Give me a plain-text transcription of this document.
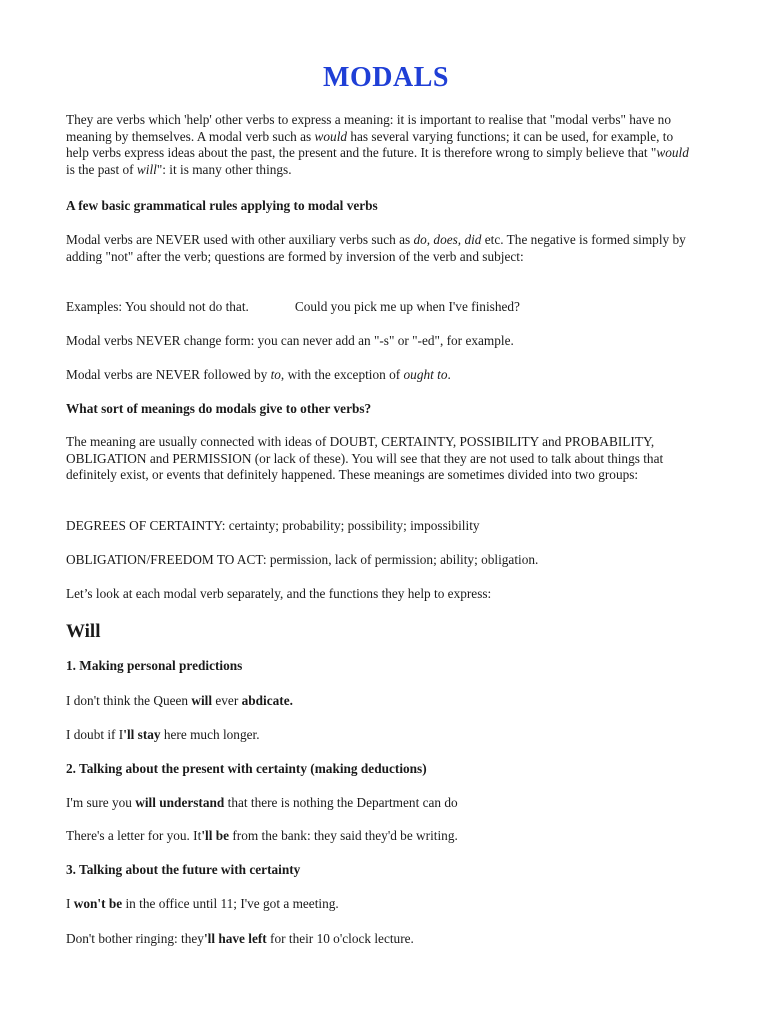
MODALS

They are verbs which 'help' other verbs to express a meaning: it is important to realise that "modal verbs" have no meaning by themselves. A modal verb such as would has several varying functions; it can be used, for example, to help verbs express ideas about the past, the present and the future. It is therefore wrong to simply believe that "would is the past of will": it is many other things.

A few basic grammatical rules applying to modal verbs

Modal verbs are NEVER used with other auxiliary verbs such as do, does, did etc. The negative is formed simply by adding "not" after the verb; questions are formed by inversion of the verb and subject:

Examples: You should not do that.	Could you pick me up when I've finished?

Modal verbs NEVER change form: you can never add an "-s" or "-ed", for example.

Modal verbs are NEVER followed by to, with the exception of ought to.

What sort of meanings do modals give to other verbs?

The meaning are usually connected with ideas of DOUBT, CERTAINTY, POSSIBILITY and PROBABILITY, OBLIGATION and PERMISSION (or lack of these). You will see that they are not used to talk about things that definitely exist, or events that definitely happened. These meanings are sometimes divided into two groups:

DEGREES OF CERTAINTY: certainty; probability; possibility; impossibility

OBLIGATION/FREEDOM TO ACT: permission, lack of permission; ability; obligation.

Let’s look at each modal verb separately, and the functions they help to express:

Will

1. Making personal predictions

I don't think the Queen will ever abdicate.

I doubt if I'll stay here much longer.

2. Talking about the present with certainty (making deductions)

I'm sure you will understand that there is nothing the Department can do

There's a letter for you. It'll be from the bank: they said they'd be writing.

3. Talking about the future with certainty

I won't be in the office until 11; I've got a meeting.

Don't bother ringing: they'll have left for their 10 o'clock lecture.
